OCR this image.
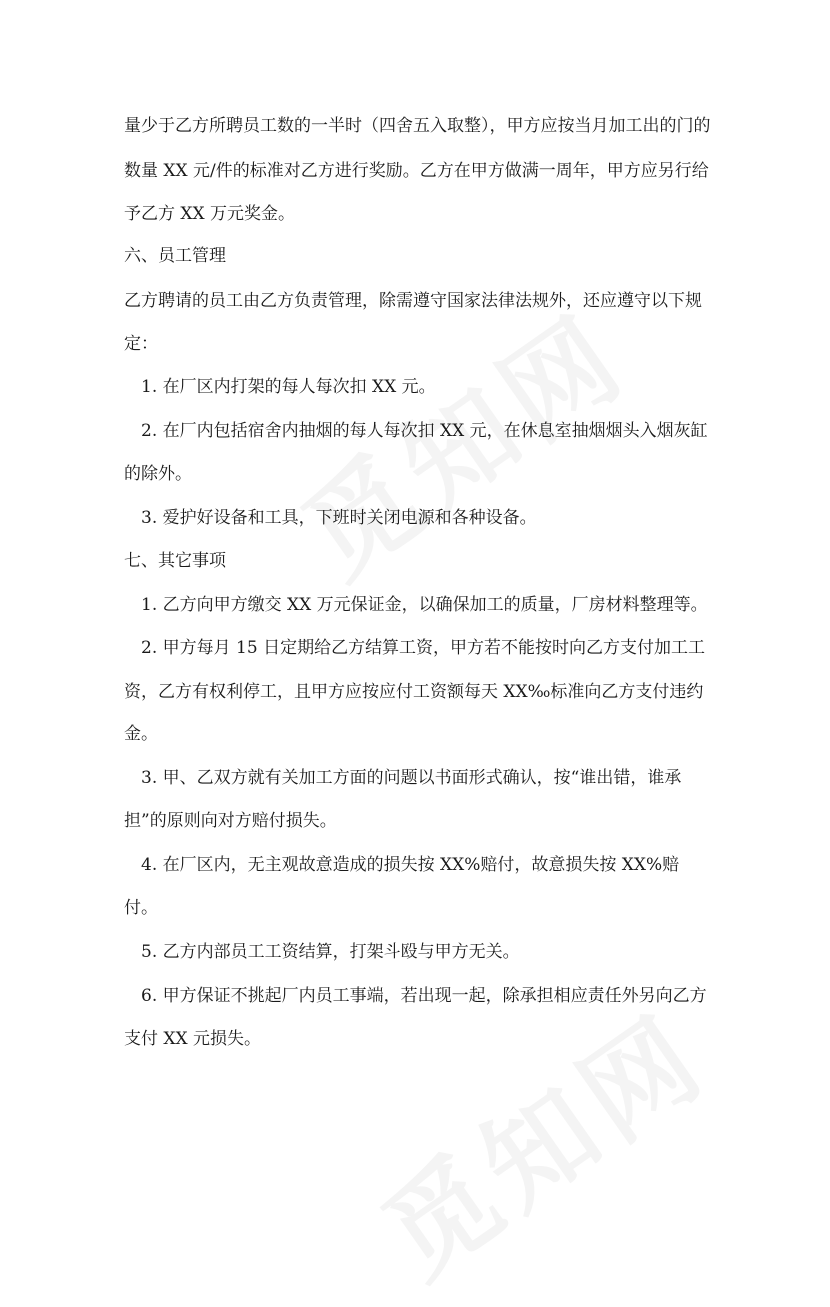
量少于乙方所聘员工数的一半时（四舍五入取整），甲方应按当月加工出的门的
数量 XX 元/件的标准对乙方进行奖励。乙方在甲方做满一周年，甲方应另行给
予乙方 XX 万元奖金。
六、员工管理
乙方聘请的员工由乙方负责管理，除需遵守国家法律法规外，还应遵守以下规
定：
1. 在厂区内打架的每人每次扣 XX 元。
2. 在厂内包括宿舍内抽烟的每人每次扣 XX 元，在休息室抽烟烟头入烟灰缸
的除外。
3. 爱护好设备和工具，下班时关闭电源和各种设备。
七、其它事项
1. 乙方向甲方缴交 XX 万元保证金，以确保加工的质量，厂房材料整理等。
2. 甲方每月 15 日定期给乙方结算工资，甲方若不能按时向乙方支付加工工
资，乙方有权利停工，且甲方应按应付工资额每天 XX‰标准向乙方支付违约
金。
3. 甲、乙双方就有关加工方面的问题以书面形式确认，按“谁出错，谁承
担”的原则向对方赔付损失。
4. 在厂区内，无主观故意造成的损失按 XX%赔付，故意损失按 XX%赔
付。
5. 乙方内部员工工资结算，打架斗殴与甲方无关。
6. 甲方保证不挑起厂内员工事端，若出现一起，除承担相应责任外另向乙方
支付 XX 元损失。
